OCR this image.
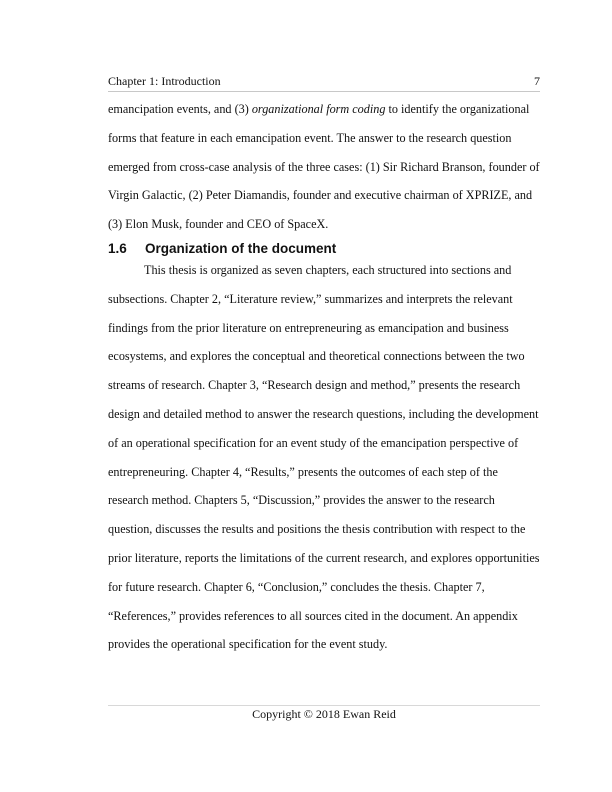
Chapter 1: Introduction	7

emancipation events, and (3) organizational form coding to identify the organizational forms that feature in each emancipation event. The answer to the research question emerged from cross-case analysis of the three cases: (1) Sir Richard Branson, founder of Virgin Galactic, (2) Peter Diamandis, founder and executive chairman of XPRIZE, and (3) Elon Musk, founder and CEO of SpaceX.

1.6 Organization of the document

This thesis is organized as seven chapters, each structured into sections and subsections. Chapter 2, “Literature review,” summarizes and interprets the relevant findings from the prior literature on entrepreneuring as emancipation and business ecosystems, and explores the conceptual and theoretical connections between the two streams of research. Chapter 3, “Research design and method,” presents the research design and detailed method to answer the research questions, including the development of an operational specification for an event study of the emancipation perspective of entrepreneuring. Chapter 4, “Results,” presents the outcomes of each step of the research method. Chapters 5, “Discussion,” provides the answer to the research question, discusses the results and positions the thesis contribution with respect to the prior literature, reports the limitations of the current research, and explores opportunities for future research. Chapter 6, “Conclusion,” concludes the thesis. Chapter 7, “References,” provides references to all sources cited in the document. An appendix provides the operational specification for the event study.

Copyright © 2018 Ewan Reid
